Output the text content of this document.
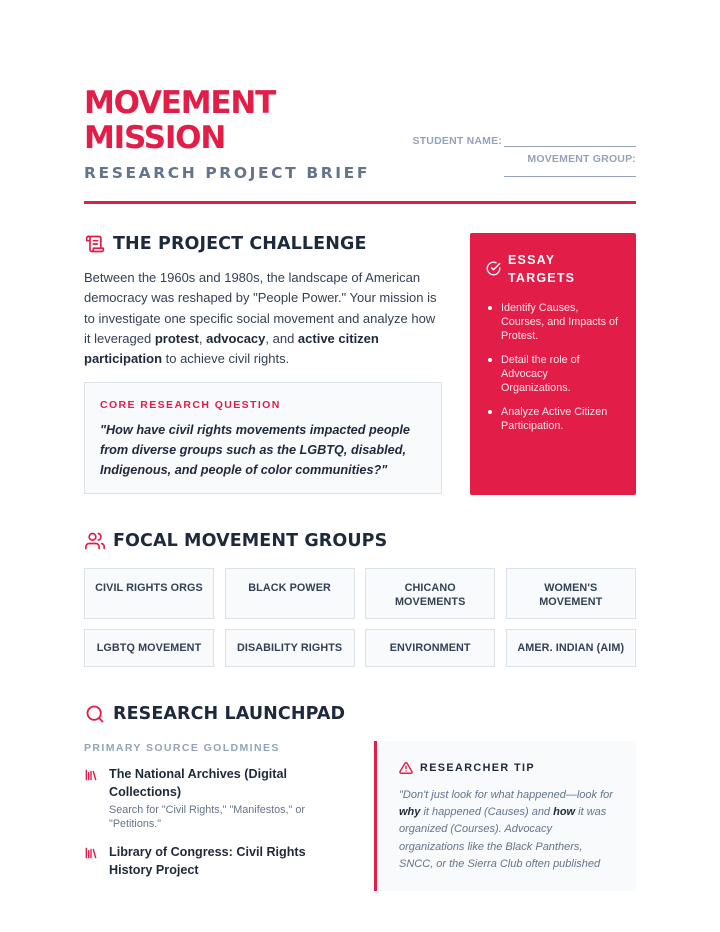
MOVEMENT
MISSION
RESEARCH PROJECT BRIEF
STUDENT NAME:
MOVEMENT GROUP:
THE PROJECT CHALLENGE

Between the 1960s and 1980s, the landscape of American democracy was reshaped by "People Power." Your mission is to investigate one specific social movement and analyze how it leveraged protest, advocacy, and active citizen participation to achieve civil rights.

CORE RESEARCH QUESTION
"How have civil rights movements impacted people from diverse groups such as the LGBTQ, disabled, Indigenous, and people of color communities?"
ESSAY TARGETS
Identify Causes, Courses, and Impacts of Protest.
Detail the role of Advocacy Organizations.
Analyze Active Citizen Participation.
FOCAL MOVEMENT GROUPS
CIVIL RIGHTS ORGS	BLACK POWER	CHICANO MOVEMENTS
WOMEN'S MOVEMENT
LGBTQ MOVEMENT	DISABILITY RIGHTS	ENVIRONMENT	AMER. INDIAN (AIM)
RESEARCH LAUNCHPAD
PRIMARY SOURCE GOLDMINES
The National Archives (Digital Collections)
Search for "Civil Rights," "Manifestos," or "Petitions."
Library of Congress: Civil Rights History Project
RESEARCHER TIP

"Don't just look for what happened—look for why it happened (Causes) and how it was organized (Courses). Advocacy organizations like the Black Panthers, SNCC, or the Sierra Club often published
